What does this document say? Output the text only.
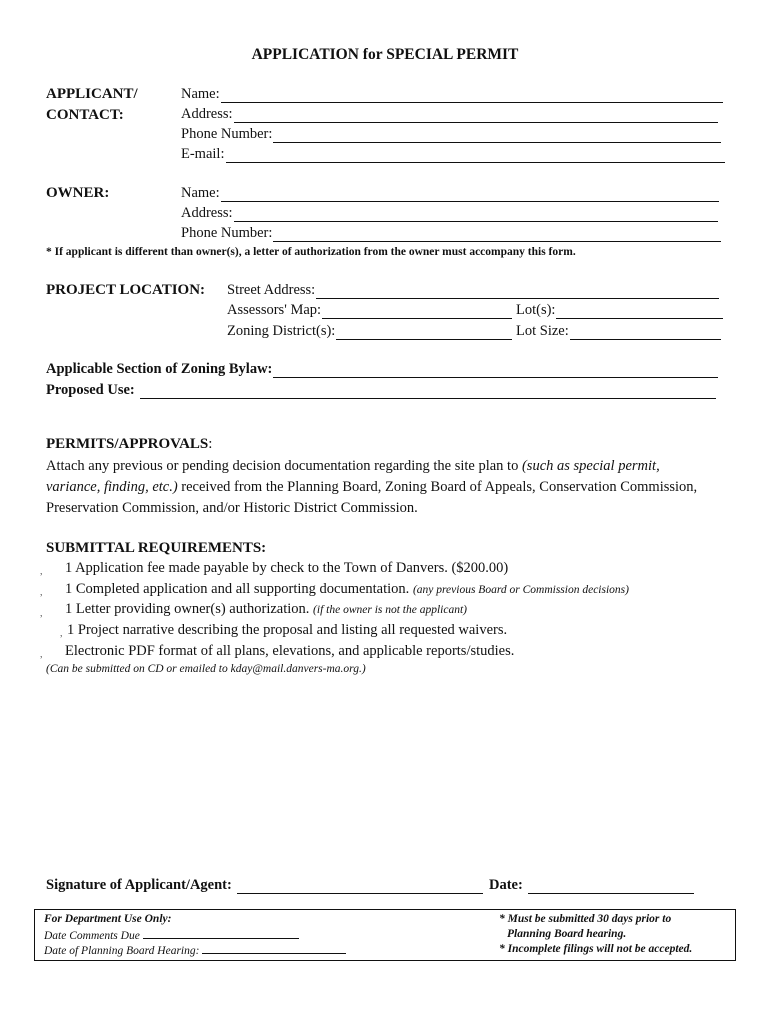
APPLICATION for SPECIAL PERMIT
APPLICANT/
CONTACT:
Name:
Address:
Phone Number:
E-mail:
OWNER:	Name:
Address:
Phone Number:
* If applicant is different than owner(s), a letter of authorization from the owner must accompany this form.
PROJECT LOCATION: Street Address:
Assessors' Map:	Lot(s):
Zoning District(s):	Lot Size:
Applicable Section of Zoning Bylaw:
Proposed Use:
PERMITS/APPROVALS:
Attach any previous or pending decision documentation regarding the site plan to (such as special permit, variance, finding, etc.) received from the Planning Board, Zoning Board of Appeals, Conservation Commission, Preservation Commission, and/or Historic District Commission.
SUBMITTAL REQUIREMENTS:
, 1 Application fee made payable by check to the Town of Danvers. ($200.00)
, 1 Completed application and all supporting documentation. (any previous Board or Commission decisions)
, 1 Letter providing owner(s) authorization. (if the owner is not the applicant)
, 1 Project narrative describing the proposal and listing all requested waivers.
, Electronic PDF format of all plans, elevations, and applicable reports/studies.
(Can be submitted on CD or emailed to kday@mail.danvers-ma.org.)
Signature of Applicant/Agent:	Date:
For Department Use Only:
Date Comments Due
Date of Planning Board Hearing:
* Must be submitted 30 days prior to
Planning Board hearing.
* Incomplete filings will not be accepted.
